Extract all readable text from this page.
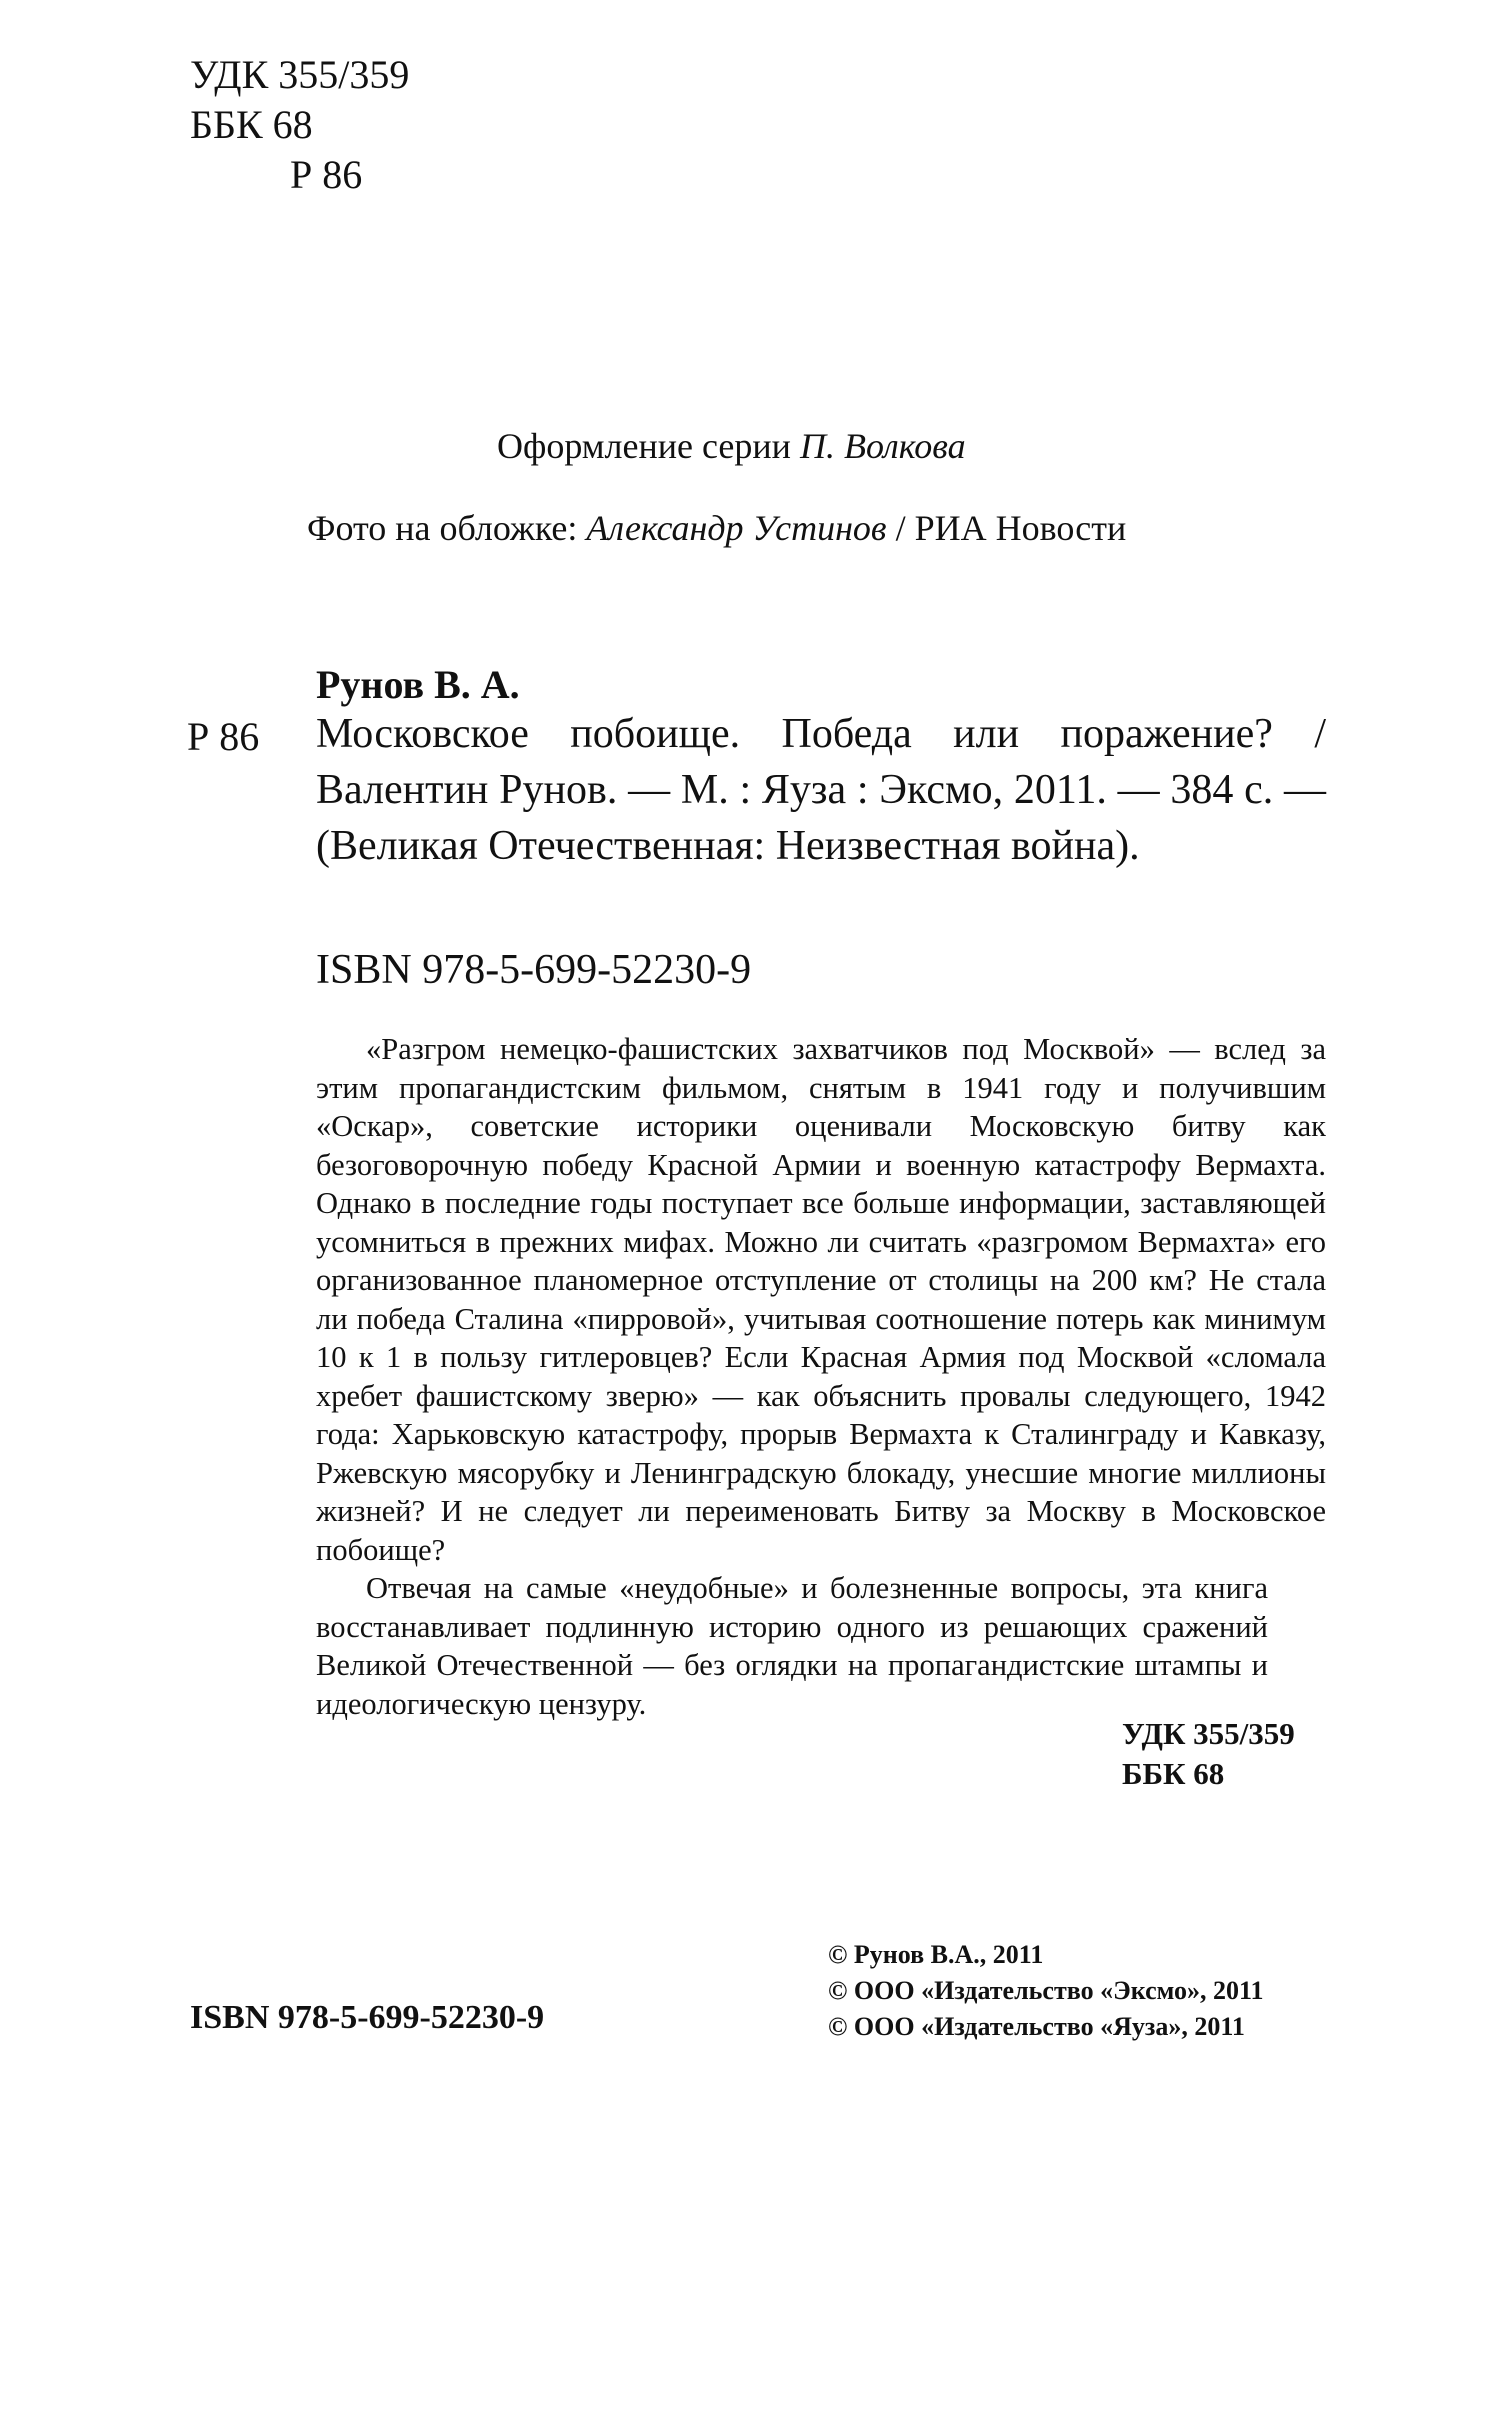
УДК 355/359
ББК 68
Р 86
Оформление серии П. Волкова
Фото на обложке: Александр Устинов / РИА Новости
Рунов В. А.
Р 86 Московское побоище. Победа или поражение? / Валентин Рунов. — М. : Яуза : Эксмо, 2011. — 384 с. — (Великая Отечественная: Неизвестная война).

ISBN 978-5-699-52230-9

«Разгром немецко-фашистских захватчиков под Москвой» — вслед за этим пропагандистским фильмом, снятым в 1941 году и получившим «Оскар», советские историки оценивали Московскую битву как безоговорочную победу Красной Армии и военную катастрофу Вермахта. Однако в последние годы поступает все больше информации, заставляющей усомниться в прежних мифах. Можно ли считать «разгромом Вермахта» его организованное планомерное отступление от столицы на 200 км? Не стала ли победа Сталина «пирровой», учитывая соотношение потерь как минимум 10 к 1 в пользу гитлеровцев? Если Красная Армия под Москвой «сломала хребет фашистскому зверю» — как объяснить провалы следующего, 1942 года: Харьковскую катастрофу, прорыв Вермахта к Сталинграду и Кавказу, Ржевскую мясорубку и Ленинградскую блокаду, унесшие многие миллионы жизней? И не следует ли переименовать Битву за Москву в Московское побоище?

Отвечая на самые «неудобные» и болезненные вопросы, эта книга восстанавливает подлинную историю одного из решающих сражений Великой Отечественной — без оглядки на пропагандистские штампы и идеологическую цензуру.

УДК 355/359
ББК 68
ISBN 978-5-699-52230-9
© Рунов В.А., 2011
© ООО «Издательство «Эксмо», 2011
© ООО «Издательство «Яуза», 2011
